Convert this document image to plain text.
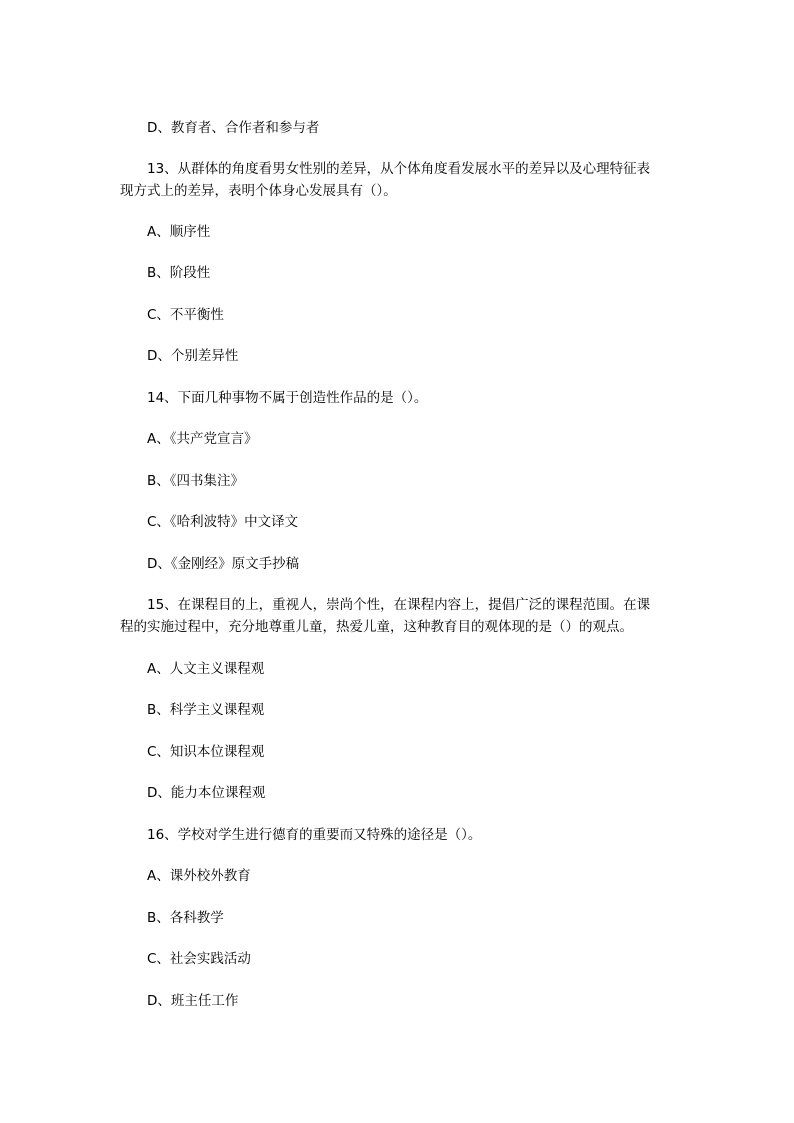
D、教育者、合作者和参与者

13、从群体的角度看男女性别的差异，从个体角度看发展水平的差异以及心理特征表

现方式上的差异，表明个体身心发展具有（）。

A、顺序性

B、阶段性

C、不平衡性

D、个别差异性

14、下面几种事物不属于创造性作品的是（）。

A、《共产党宣言》

B、《四书集注》

C、《哈利波特》中文译文

D、《金刚经》原文手抄稿

15、在课程目的上，重视人，崇尚个性，在课程内容上，提倡广泛的课程范围。在课

程的实施过程中，充分地尊重儿童，热爱儿童，这种教育目的观体现的是（）的观点。

A、人文主义课程观

B、科学主义课程观

C、知识本位课程观

D、能力本位课程观

16、学校对学生进行德育的重要而又特殊的途径是（）。

A、课外校外教育

B、各科教学

C、社会实践活动

D、班主任工作
